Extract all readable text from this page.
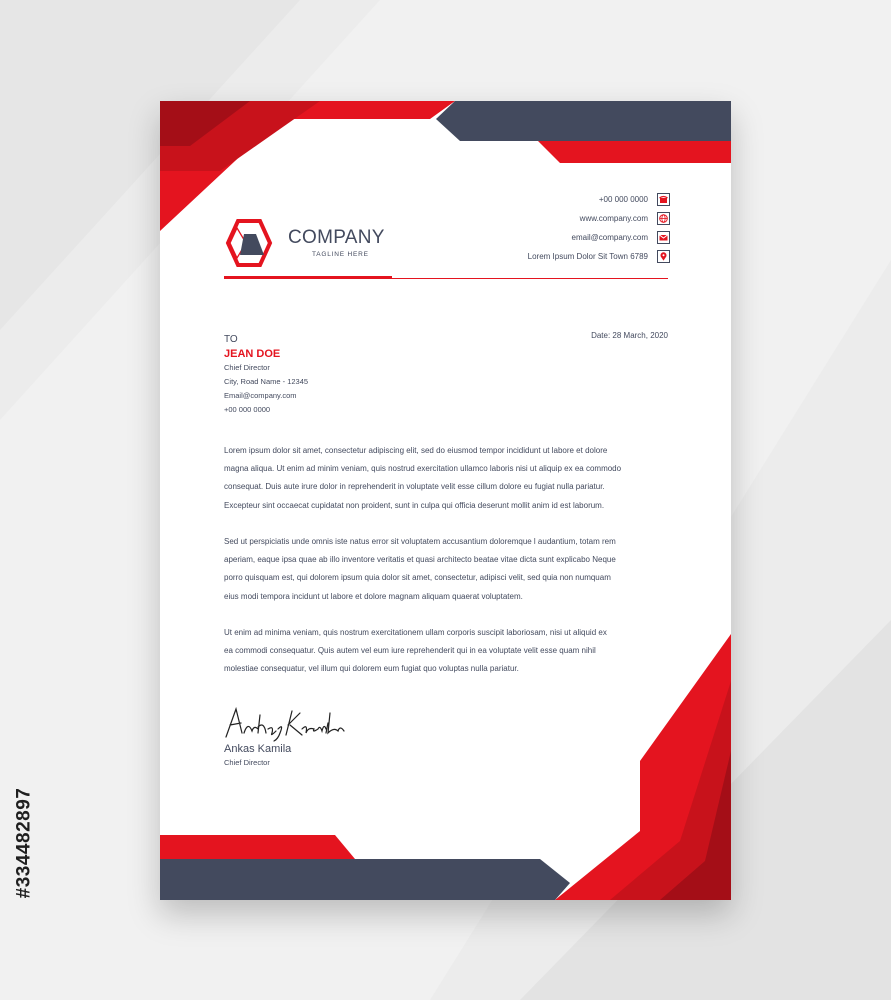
#334482897
COMPANY
TAGLINE HERE
+00 000 0000
www.company.com
email@company.com
Lorem Ipsum Dolor Sit Town 6789
Date: 28 March, 2020
TO
JEAN DOE
Chief Director
City, Road Name - 12345
Email@company.com
+00 000 0000
Lorem ipsum dolor sit amet, consectetur adipiscing elit, sed do eiusmod tempor incididunt ut labore et dolore
magna aliqua. Ut enim ad minim veniam, quis nostrud exercitation ullamco laboris nisi ut aliquip ex ea commodo
consequat. Duis aute irure dolor in reprehenderit in voluptate velit esse cillum dolore eu fugiat nulla pariatur.
Excepteur sint occaecat cupidatat non proident, sunt in culpa qui officia deserunt mollit anim id est laborum.
Sed ut perspiciatis unde omnis iste natus error sit voluptatem accusantium doloremque l audantium, totam rem
aperiam, eaque ipsa quae ab illo inventore veritatis et quasi architecto beatae vitae dicta sunt explicabo Neque
porro quisquam est, qui dolorem ipsum quia dolor sit amet, consectetur, adipisci velit, sed quia non numquam
eius modi tempora incidunt ut labore et dolore magnam aliquam quaerat voluptatem.
Ut enim ad minima veniam, quis nostrum exercitationem ullam corporis suscipit laboriosam, nisi ut aliquid ex
ea commodi consequatur. Quis autem vel eum iure reprehenderit qui in ea voluptate velit esse quam nihil
molestiae consequatur, vel illum qui dolorem eum fugiat quo voluptas nulla pariatur.
Ankas Kamila
Chief Director
